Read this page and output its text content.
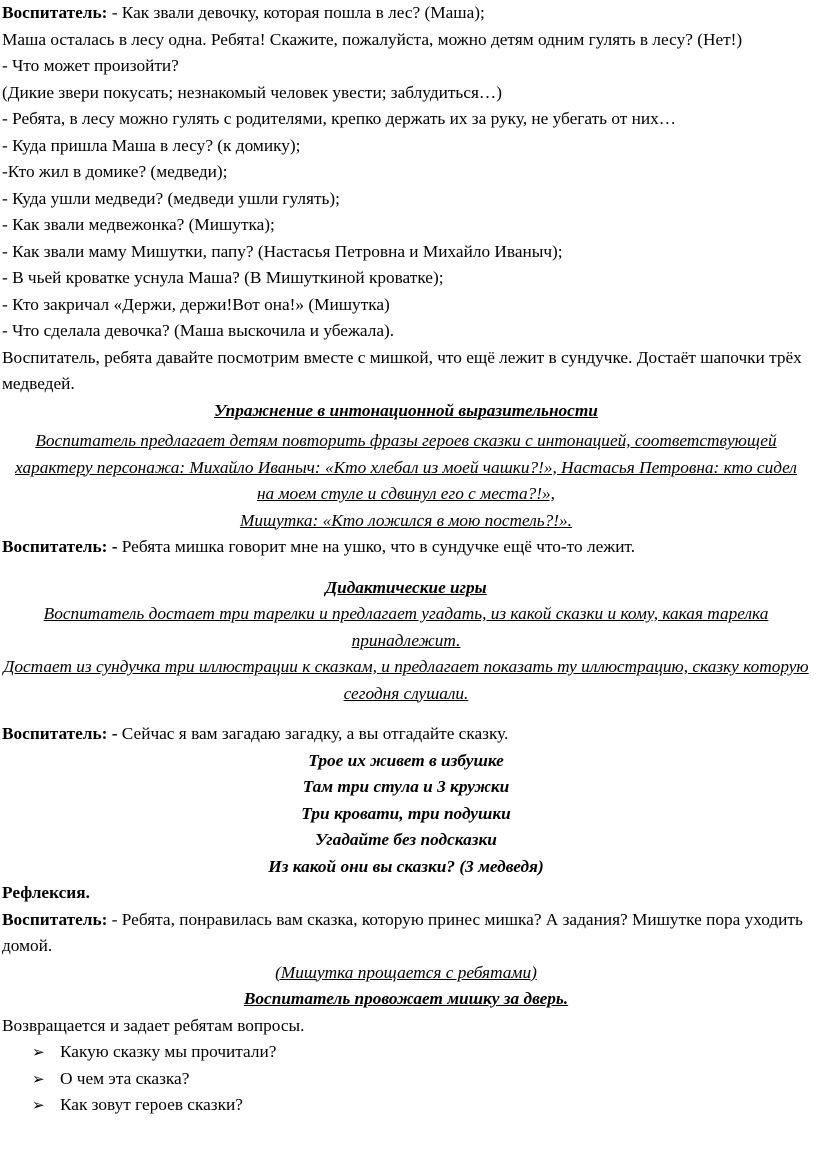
Воспитатель: - Как звали девочку, которая пошла в лес? (Маша);

Маша осталась в лесу одна. Ребята! Скажите, пожалуйста, можно детям одним гулять в лесу? (Нет!)

- Что может произойти?

(Дикие звери покусать; незнакомый человек увести; заблудиться…)

- Ребята, в лесу можно гулять с родителями, крепко держать их за руку, не убегать от них…

- Куда пришла Маша в лесу? (к домику);

-Кто жил в домике? (медведи);

- Куда ушли медведи? (медведи ушли гулять);

- Как звали медвежонка? (Мишутка);

- Как звали маму Мишутки, папу? (Настасья Петровна и Михайло Иваныч);

- В чьей кроватке уснула Маша? (В Мишуткиной кроватке);

- Кто закричал «Держи, держи!Вот она!» (Мишутка)

- Что сделала девочка? (Маша выскочила и убежала).

Воспитатель, ребята давайте посмотрим вместе с мишкой, что ещё лежит в сундучке. Достаёт шапочки трёх медведей.

Упражнение в интонационной выразительности

Воспитатель предлагает детям повторить фразы героев сказки с интонацией, соответствующей характеру персонажа: Михайло Иваныч: «Кто хлебал из моей чашки?!», Настасья Петровна: кто сидел на моем стуле и сдвинул его с места?!»,

Мишутка: «Кто ложился в мою постель?!».

Воспитатель: - Ребята мишка говорит мне на ушко, что в сундучке ещё что-то лежит.

Дидактические игры

Воспитатель достает три тарелки и предлагает угадать, из какой сказки и кому, какая тарелка принадлежит.

Достает из сундучка три иллюстрации к сказкам, и предлагает показать ту иллюстрацию, сказку которую сегодня слушали.

Воспитатель: - Сейчас я вам загадаю загадку, а вы отгадайте сказку.

Трое их живет в избушке

Там три стула и 3 кружки

Три кровати, три подушки

Угадайте без подсказки

Из какой они вы сказки? (3 медведя)

Рефлексия.

Воспитатель: - Ребята, понравилась вам сказка, которую принес мишка? А задания? Мишутке пора уходить домой.

(Мишутка прощается с ребятами)

Воспитатель провожает мишку за дверь.

Возвращается и задает ребятам вопросы.

➢ Какую сказку мы прочитали?
➢ О чем эта сказка?
➢ Как зовут героев сказки?
